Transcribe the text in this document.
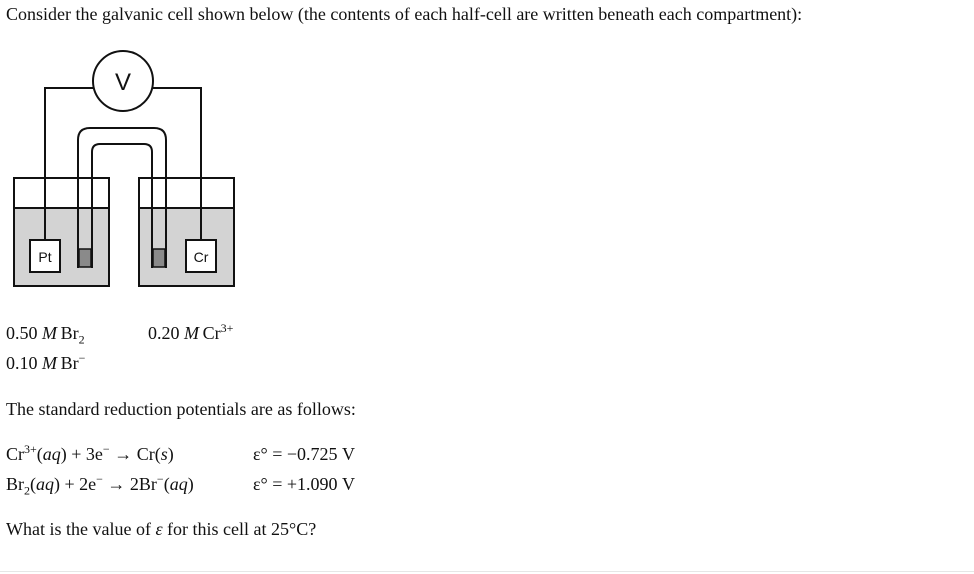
Consider the galvanic cell shown below (the contents of each half-cell are written beneath each compartment):
V
Pt	Cr
0.50 M  $Br_2$
0.10 M  Br−
0.20 M  $Cr^{3+}$
The standard reduction potentials are as follows:
$Cr^{3+}(aq) + 3e^- \to Cr(s)$	ε° = −0.725 V
$Br_2(aq) + 2e^- \to 2Br^-(aq)$	ε° = +1.090 V
What is the value of ε for this cell at 25°C?
